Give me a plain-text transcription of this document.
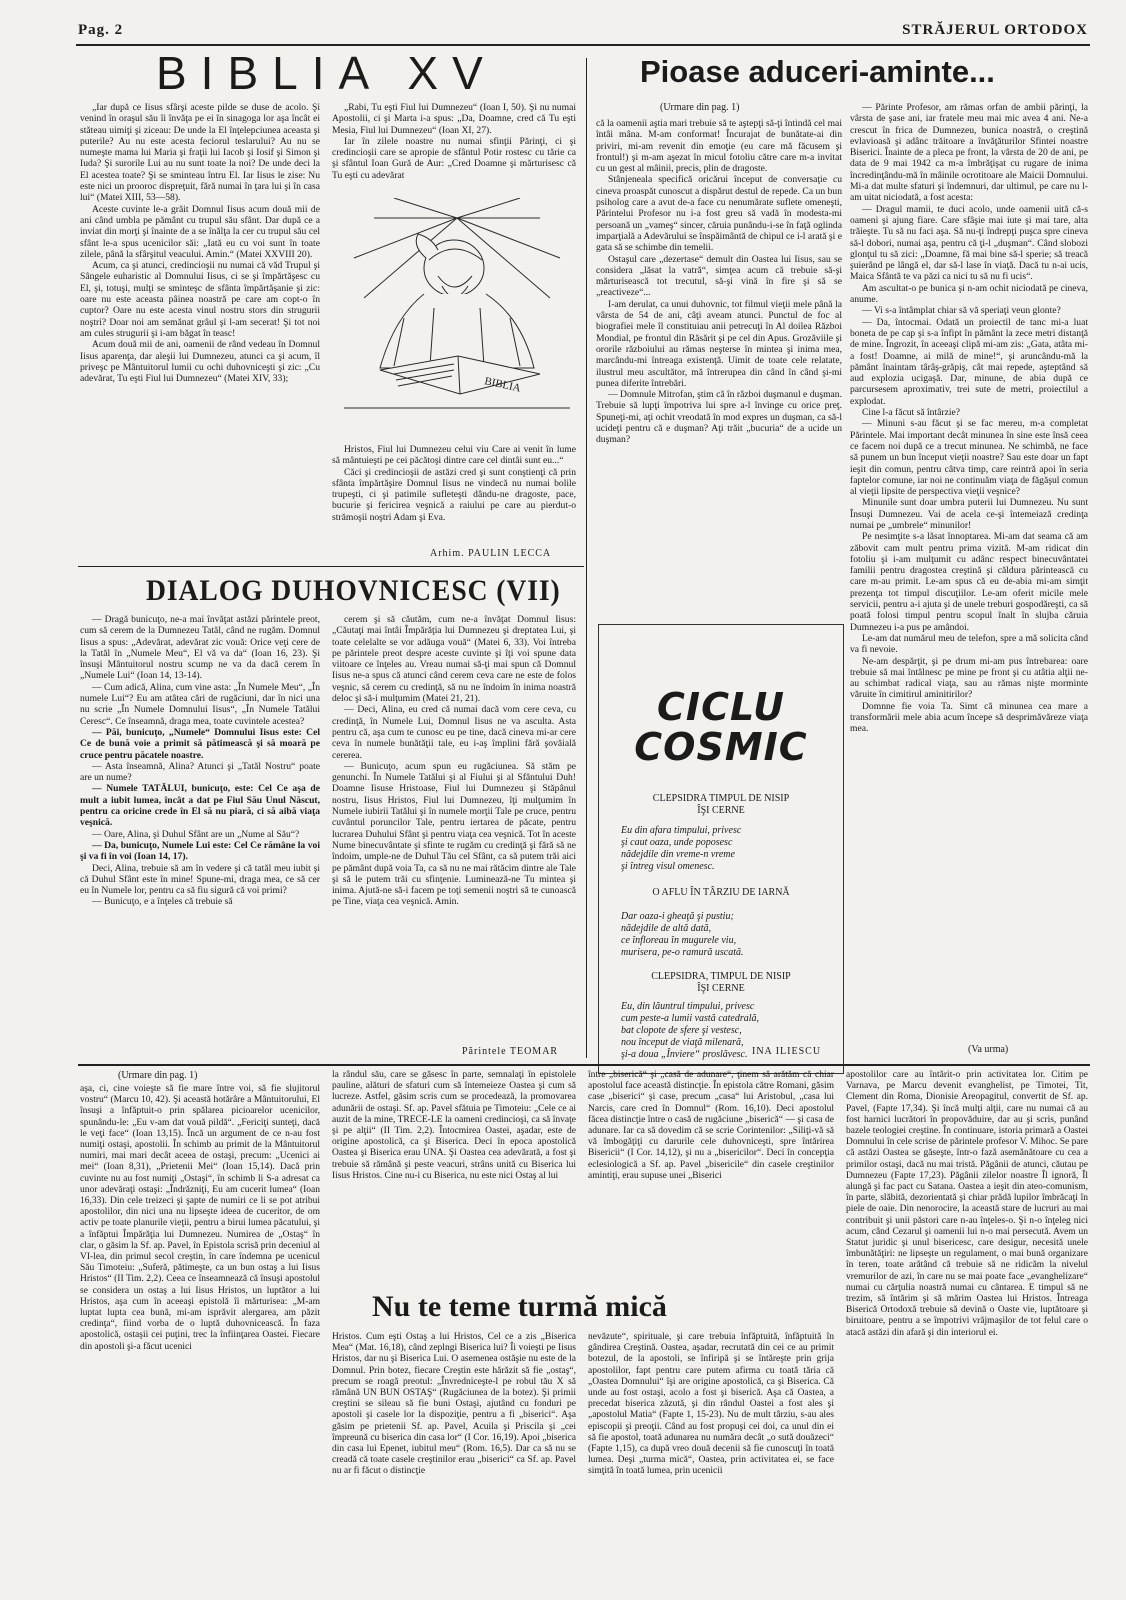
Pag. 2	STRĂJERUL ORTODOX
BIBLIA XV

„Iar după ce Iisus sfârşi aceste pilde se duse de acolo. Şi venind în oraşul său îi învăţa pe ei în sinagoga lor aşa încât ei stăteau uimiţi şi ziceau: De unde la El înţelepciunea aceasta şi puterile? Au nu este acesta feciorul teslarului? Au nu se numeşte mama lui Maria şi fraţii lui Iacob şi Iosif şi Simon şi Iuda? Şi surorile Lui au nu sunt toate la noi? De unde deci la El acestea toate? Şi se sminteau întru El. Iar Iisus le zise: Nu este nici un prooroc dispreţuit, fără numai în ţara lui şi în casa lui“ (Matei XIII, 53—58).

Aceste cuvinte le-a grăit Domnul Iisus acum două mii de ani când umbla pe pământ cu trupul său sfânt. Dar după ce a inviat din morţi şi înainte de a se înălţa la cer cu trupul său cel sfânt le-a spus ucenicilor săi: „Iată eu cu voi sunt în toate zilele, până la sfârşitul veacului. Amin.“ (Matei XXVIII 20).

Acum, ca şi atunci, credincioşii nu numai că văd Trupul şi Sângele euharistic al Domnului Iisus, ci se şi împărtăşesc cu El, şi, totuşi, mulţi se sminteşc de sfânta împărtăşanie şi zic: oare nu este aceasta pâinea noastră pe care am copt-o în cuptor? Oare nu este acesta vinul nostru stors din strugurii noştri? Doar noi am semănat grâul şi l-am secerat! Şi tot noi am cules strugurii şi i-am băgat în teasc!

Acum două mii de ani, oamenii de rând vedeau în Domnul Iisus aparenţa, dar aleşii lui Dumnezeu, atunci ca şi acum, îl priveşc pe Mântuitorul lumii cu ochi duhovniceşti şi zic: „Cu adevărat, Tu eşti Fiul lui Dumnezeu“ (Matei XIV, 33);

„Rabi, Tu eşti Fiul lui Dumnezeu“ (Ioan I, 50). Şi nu numai Apostolii, ci şi Marta i-a spus: „Da, Doamne, cred că Tu eşti Mesia, Fiul lui Dumnezeu“ (Ioan XI, 27).

Iar în zilele noastre nu numai sfinţii Părinţi, ci şi credincioşii care se apropie de sfântul Potir rostesc cu tărie ca şi sfântul Ioan Gură de Aur: „Cred Doamne şi mărturisesc că Tu eşti cu adevărat

BIBLIA

Hristos, Fiul lui Dumnezeu celui viu Care ai venit în lume să mântuieşti pe cei păcătoşi dintre care cel dintâi sunt eu...“

Căci şi credincioşii de astăzi cred şi sunt conştienţi că prin sfânta împărtăşire Domnul Iisus ne vindecă nu numai bolile trupeşti, ci şi patimile sufleteşti dându-ne dragoste, pace, bucurie şi fericirea veşnică a raiului pe care au pierdut-o strămoşii noştri Adam şi Eva.

Arhim. PAULIN LECCA
DIALOG DUHOVNICESC (VII)

— Dragă bunicuţo, ne-a mai învăţat astăzi părintele preot, cum să cerem de la Dumnezeu Tatăl, când ne rugăm. Domnul Iisus a spus: „Adevărat, adevărat zic vouă: Orice veţi cere de la Tatăl în „Numele Meu“, El vă va da“ (Ioan 16, 23). Şi însuşi Mântuitorul nostru scump ne va da dacă cerem în „Numele Lui“ (Ioan 14, 13-14).

— Cum adică, Alina, cum vine asta: „În Numele Meu“, „În numele Lui“? Eu am atâtea cări de rugăciuni, dar în nici una nu scrie „În Numele Domnului Iisus“, „În Numele Tatălui Ceresc“. Ce înseamnă, draga mea, toate cuvintele acestea?

— Păi, bunicuţo, „Numele“ Domnului Iisus este: Cel Ce de bună voie a primit să pătimească şi să moară pe cruce pentru păcatele noastre.

— Asta înseamnă, Alina? Atunci şi „Tatăl Nostru“ poate are un nume?

— Numele TATĂLUI, bunicuţo, este: Cel Ce aşa de mult a iubit lumea, încât a dat pe Fiul Său Unul Născut, pentru ca oricine crede în El să nu piară, ci să aibă viaţa veşnică.

— Oare, Alina, şi Duhul Sfânt are un „Nume al Său“?

— Da, bunicuţo, Numele Lui este: Cel Ce rămâne la voi şi va fi în voi (Ioan 14, 17).

Deci, Alina, trebuie să am în vedere şi că tatăl meu iubit şi că Duhul Sfânt este în mine! Spune-mi, draga mea, ce să cer eu în Numele lor, pentru ca să fiu sigură că voi primi?

— Bunicuţo, e a înţeles că trebuie să

cerem şi să căutăm, cum ne-a învăţat Domnul Iisus: „Căutaţi mai întâi Împărăţia lui Dumnezeu şi dreptatea Lui, şi toate celelalte se vor adăuga vouă“ (Matei 6, 33). Voi întreba pe părintele preot despre aceste cuvinte şi îţi voi spune data viitoare ce înţeles au. Vreau numai să-ţi mai spun că Domnul Iisus ne-a spus că atunci când cerem ceva care ne este de folos veşnic, să cerem cu credinţă, să nu ne îndoim în inima noastră deloc şi să-i mulţumim (Matei 21, 21).

— Deci, Alina, eu cred că numai dacă vom cere ceva, cu credinţă, în Numele Lui, Domnul Iisus ne va asculta. Asta pentru că, aşa cum te cunosc eu pe tine, dacă cineva mi-ar cere ceva în numele bunătăţii tale, eu i-aş împlini fără şovăială cererea.

— Bunicuţo, acum spun eu rugăciunea. Să stăm pe genunchi. În Numele Tatălui şi al Fiului şi al Sfântului Duh! Doamne Iisuse Hristoase, Fiul lui Dumnezeu şi Stăpânul nostru, Iisus Hristos, Fiul lui Dumnezeu, îţi mulţumim în Numele iubirii Tatălui şi în numele morţii Tale pe cruce, pentru cuvântul poruncilor Tale, pentru iertarea de păcate, pentru lucrarea Duhului Sfânt şi pentru viaţa cea veşnică. Tot în aceste Nume binecuvântate şi sfinte te rugăm cu credinţă şi fără să ne îndoim, umple-ne de Duhul Tău cel Sfânt, ca să putem trăi aici pe pământ după voia Ta, ca să nu ne mai rătăcim dintre ale Tale şi să le putem trăi cu sfinţenie. Luminează-ne Tu mintea şi inima. Ajută-ne să-i facem pe toţi semenii noştri să te cunoască pe Tine, viaţa cea veşnică. Amin.

Părintele TEOMAR
Pioase aduceri-aminte...
(Urmare din pag. 1)

că la oamenii aştia mari trebuie să te aştepţi să-ţi întindă cel mai întâi mâna. M-am conformat! Încurajat de bunătate-ai din priviri, mi-am revenit din emoţie (eu care mă făcusem şi frontul!) şi m-am aşezat în micul fotoliu către care m-a invitat cu un gest al mâinii, precis, plin de dragoste.

Stânjeneala specifică oricărui început de conversaţie cu cineva proaspăt cunoscut a dispărut destul de repede. Ca un bun psiholog care a avut de-a face cu nenumărate suflete omeneşti, Părintelui Profesor nu i-a fost greu să vadă în modesta-mi persoană un „vameş“ sincer, căruia punându-i-se în faţă oglinda imparţială a Adevărului se înspăimântă de chipul ce i-l arată şi e gata să se schimbe din temelii.

Ostaşul care „dezertase“ demult din Oastea lui Iisus, sau se considera „lăsat la vatră“, simţea acum că trebuie să-şi mărturisească tot trecutul, să-şi vină în fire şi să se „reactiveze“...

I-am derulat, ca unui duhovnic, tot filmul vieţii mele până la vârsta de 54 de ani, câţi aveam atunci. Punctul de foc al biografiei mele îl constituiau anii petrecuţi în Al doilea Război Mondial, pe frontul din Răsărit şi pe cel din Apus. Grozăviile şi ororile războiului au rămas neşterse în mintea şi inima mea, marcându-mi întreaga existenţă. Uimit de toate cele relatate, ilustrul meu ascultător, mă întrerupea din când în când şi-mi punea diferite întrebări.

— Domnule Mitrofan, ştim că în război duşmanul e duşman. Trebuie să lupţi împotriva lui spre a-l învinge cu orice preţ. Spuneţi-mi, aţi ochit vreodată în mod expres un duşman, ca să-l ucideţi pentru că e duşman? Aţi trăit „bucuria“ de a ucide un duşman?

— Părinte Profesor, am rămas orfan de ambii părinţi, la vârsta de şase ani, iar fratele meu mai mic avea 4 ani. Ne-a crescut în frica de Dumnezeu, bunica noastră, o creştină evlavioasă şi adânc trăitoare a învăţăturilor Sfintei noastre Biserici. Înainte de a pleca pe front, la vârsta de 20 de ani, pe data de 9 mai 1942 ca m-a îmbrăţişat cu rugare de inima încredinţându-mă în mâinile ocrotitoare ale Maicii Domnului. Mi-a dat multe sfaturi şi îndemnuri, dar ultimul, pe care nu l-am uitat niciodată, a fost acesta:

— Dragul mamii, te duci acolo, unde oamenii uită că-s oameni şi ajung fiare. Care sfâşie mai iute şi mai tare, alta trăieşte. Tu să nu faci aşa. Să nu-ţi îndrepţi puşca spre cineva să-l dobori, numai aşa, pentru că ţi-l „duşman“. Când slobozi glonţul tu să zici: „Doamne, fă mai bine să-l sperie; să treacă şuierând pe lângă el, dar să-l lase în viaţă. Dacă tu n-ai ucis, Maica Sfântă te va păzi ca nici tu să nu fi ucis“.

Am ascultat-o pe bunica şi n-am ochit niciodată pe cineva, anume.

— Vi s-a întâmplat chiar să vă speriaţi veun glonte?

— Da, întocmai. Odată un proiectil de tanc mi-a luat boneta de pe cap şi s-a înfipt în pământ la zece metri distanţă de mine. Îngrozit, în aceeaşi clipă mi-am zis: „Gata, atâta mi-a fost! Doamne, ai milă de mine!“, şi aruncându-mă la pământ înaintam târâş-grăpiş, cât mai repede, aşteptând să aud explozia ucigaşă. Dar, minune, de abia după ce parcursesem aproximativ, trei sute de metri, proiectilul a explodat.

Cine l-a făcut să întârzie?

— Minuni s-au făcut şi se fac mereu, m-a completat Părintele. Mai important decât minunea în sine este însă ceea ce facem noi după ce a trecut minunea. Ne schimbă, ne face să punem un bun început vieţii noastre? Sau este doar un fapt ieşit din comun, pentru câtva timp, care reintră apoi în seria faptelor comune, iar noi ne continuăm viaţa de făgăşul comun al vieţii lipsite de perspectiva vieţii veşnice?

Minunile sunt doar umbra puterii lui Dumnezeu. Nu sunt Însuşi Dumnezeu. Vai de acela ce-şi întemeiază credinţa numai pe „umbrele“ minunilor!

Pe nesimţite s-a lăsat înnoptarea. Mi-am dat seama că am zăbovit cam mult pentru prima vizită. M-am ridicat din fotoliu şi i-am mulţumit cu adânc respect binecuvântatei familii pentru dragostea creştină şi căldura părintească cu care m-au primit. Le-am spus că eu de-abia mi-am simţit prezenţa tot timpul discuţiilor. Le-am oferit micile mele servicii, pentru a-i ajuta şi de unele treburi gospodăreşti, ca să poată folosi timpul pentru scopul înalt în slujba căruia Dumnezeu i-a pus pe amândoi.

Le-am dat numărul meu de telefon, spre a mă solicita când va fi nevoie.

Ne-am despărţit, şi pe drum mi-am pus întrebarea: oare trebuie să mai întâlnesc pe mine pe front şi cu atâtia alţii ne-au schimbat radical viaţa, sau au rămas nişte morminte văruite în cimitirul aminitirilor?

Domnne fie voia Ta. Simt că minunea cea mare a transformării mele abia acum începe să desprimăvăreze viaţa mea.

(Va urma)
CICLU
COSMIC
CLEPSIDRA TIMPUL DE NISIP
ÎŞI CERNE
Eu din afara timpului, privesc
şi caut oaza, unde poposesc
nădejdile din vreme-n vreme
şi întreg visul omenesc.
O AFLU ÎN TÂRZIU DE IARNĂ
Dar oaza-i gheaţă şi pustiu;
nădejdile de altă dată,
ce înfloreau în mugurele viu,
murisera, pe-o ramură uscată.
CLEPSIDRA, TIMPUL DE NISIP
ÎŞI CERNE
Eu, din lăuntrul timpului, privesc
cum peste-a lumii vastă catedrală,
bat clopote de sfere şi vestesc,
nou început de viaţă milenară,
şi-a doua „Înviere“ proslăvesc. INA ILIESCU
(Urmare din pag. 1)

aşa, ci, cine voieşte să fie mare între voi, să fie slujitorul vostru“ (Marcu 10, 42). Şi această hotărâre a Mântuitorului, El însuşi a înfăptuit-o prin spălarea picioarelor ucenicilor, spunându-le: „Eu v-am dat vouă pildă“. „Fericiţi sunteţi, dacă le veţi face“ (Ioan 13,15). Încă un argument de ce n-au fost numiţi ostaşi, apostolii. În schimb au primit de la Mântuitorul numiri, mai mari decât aceea de ostaşi, precum: „Ucenici ai mei“ (Ioan 8,31), „Prietenii Mei“ (Ioan 15,14). Dacă prin cuvinte nu au fost numiţi „Ostaşi“, în schimb li S-a adresat ca unor adevăraţi ostaşi: „Îndrăzniţi, Eu am cucerit lumea“ (Ioan 16,33). Din cele treizeci şi şapte de numiri ce li se pot atribui apostolilor, din nici una nu lipseşte ideea de cuceritor, de om activ pe toate planurile vieţii, pentru a birui lumea păcatului, şi a înfăptui Împărăţia lui Dumnezeu. Numirea de „Ostaş“ în clar, o găsim la Sf. ap. Pavel, în Epistola scrisă prin deceniul al VI-lea, din primul secol creştin, în care îndemna pe ucenicul Său Timoteiu: „Suferă, pătimeşte, ca un bun ostaş a lui Iisus Hristos“ (II Tim. 2,2). Ceea ce înseamnează că însuşi apostolul se considera un ostaş a lui Iisus Hristos, un luptător a lui Hristos, aşa cum în aceeaşi epistolă îi mărturisea: „M-am luptat lupta cea bună, mi-am isprăvit alergarea, am păzit credinţa“, fiind vorba de o luptă duhovnicească. În faza apostolică, ostaşii cei puţini, trec la înfiinţarea Oastei. Fiecare din apostoli şi-a făcut ucenici

la rândul său, care se găsesc în parte, semnalaţi în epistolele pauline, alături de sfaturi cum să întemeieze Oastea şi cum să lucreze. Astfel, găsim scris cum se procedează, la promovarea adunării de ostaşi. Sf. ap. Pavel sfătuia pe Timoteiu: „Cele ce ai auzit de la mine, TRECE-LE la oameni credincioşi, ca să învaţe şi pe alţii“ (II Tim. 2,2). Întocmirea Oastei, aşadar, este de origine apostolică, ca şi Biserica. Deci în epoca apostolică Oastea şi Biserica erau UNA. Şi Oastea cea adevărată, a fost şi trebuie să rămână şi peste veacuri, strâns unită cu Biserica lui Iisus Hristos. Cine nu-i cu Biserica, nu este nici Ostaş al lui

între „biserică“ şi „casă de adunare“, ţinem să arătăm că chiar apostolul face această distincţie. În epistola către Romani, găsim case „biserici“ şi case, precum „casa“ lui Aristobul, „casa lui Narcis, care cred în Domnul“ (Rom. 16,10). Deci apostolul făcea distincţie între o casă de rugăciune „biserică“ — şi casa de adunare. Iar ca să dovedim că se scrie Corintenilor: „Siliţi-vă să vă îmbogăţiţi cu darurile cele duhovniceşti, spre întărirea Bisericii“ (I Cor. 14,12), şi nu a „bisericilor“. Deci în concepţia eclesiologică a Sf. ap. Pavel „bisericile“ din casele creştinilor amintiţi, erau supuse unei „Biserici

Nu te teme turmă mică

Hristos. Cum eşti Ostaş a lui Hristos, Cel ce a zis „Biserica Mea“ (Mat. 16,18), când zeplngi Biserica lui? Îi voieşti pe Iisus Hristos, dar nu şi Biserica Lui. O asemenea ostăşie nu este de la Domnul. Prin botez, fiecare Creştin este hărăzit să fie „ostaş“, precum se roagă preotul: „Învredniceşte-l pe robul tău X să rămână UN BUN OSTAŞ“ (Rugăciunea de la botez). Şi primii creştini se sileau să fie buni Ostaşi, ajutând cu fonduri pe apostoli şi casele lor la dispoziţie, pentru a fi „biserici“. Aşa găsim pe prietenii Sf. ap. Pavel, Acuila şi Priscila şi „cei împreună cu biserica din casa lor“ (I Cor. 16,19). Apoi „biserica din casa lui Epenet, iubitul meu“ (Rom. 16,5). Dar ca să nu se creadă că toate casele creştinilor erau „biserici“ ca Sf. ap. Pavel nu ar fi făcut o distincţie

nevăzute“, spirituale, şi care trebuia înfăptuită, înfăptuită în gândirea Creştină. Oastea, aşadar, recrutată din cei ce au primit botezul, de la apostoli, se înfiripă şi se întăreşte prin grija apostolilor, fapt pentru care putem afirma cu toată tăria că „Oastea Domnului“ îşi are origine apostolică, ca şi Biserica. Că unde au fost ostaşi, acolo a fost şi biserică. Aşa că Oastea, a precedat biserica zăzută, şi din rândul Oastei a fost ales şi „apostolul Matia“ (Fapte 1, 15-23). Nu de mult târziu, s-au ales episcopii şi preoţii. Când au fost propuşi cei doi, ca unul din ei să fie apostol, toată adunarea nu număra decât „o sută douăzeci“ (Fapte 1,15), ca după vreo două decenii să fie cunoscuţi în toată lumea. Deşi „turma mică“, Oastea, prin activitatea ei, se face simţită în toată lumea, prin ucenicii

apostolilor care au întărit-o prin activitatea lor. Citim pe Varnava, pe Marcu devenit evanghelist, pe Timotei, Tit, Clement din Roma, Dionisie Areopagitul, convertit de Sf. ap. Pavel, (Fapte 17,34). Şi încă mulţi alţii, care nu numai că au fost harnici lucrători în propovăduire, dar au şi scris, punând bazele teologiei creştine. În continuare, istoria primară a Oastei Domnului în cele scrise de părintele profesor V. Mihoc. Se pare că astăzi Oastea se găseşte, într-o fază asemănătoare cu cea a primilor ostaşi, dacă nu mai tristă. Păgânii de atunci, căutau pe Dumnezeu (Fapte 17,23). Păgânii zilelor noastre Îl ignoră, Îl alungă şi fac pact cu Satana. Oastea a ieşit din ateo-comunism, în parte, slăbită, dezorientată şi chiar prădă lupilor îmbrăcaţi în piele de oaie. Din nenorocire, la această stare de lucruri au mai contribuit şi unii păstori care n-au înţeles-o. Şi n-o înţeleg nici acum, când Cezarul şi oamenii lui n-o mai persecută. Avem un Statut juridic şi unul bisericesc, care desigur, necesită unele îmbunătăţiri: ne lipseşte un regulament, o mai bună organizare în teren, toate arătând că trebuie să ne ridicăm la nivelul vremurilor de azi, în care nu se mai poate face „evanghelizare“ numai cu cărţulia noastră numai cu cântarea. E timpul să ne trezim, să întărim şi să mărim Oastea lui Hristos. Întreaga Biserică Ortodoxă trebuie să devină o Oaste vie, luptătoare şi biruitoare, pentru a se împotrivi vrăjmaşilor de tot felul care o atacă astăzi din afară şi din interiorul ei.
